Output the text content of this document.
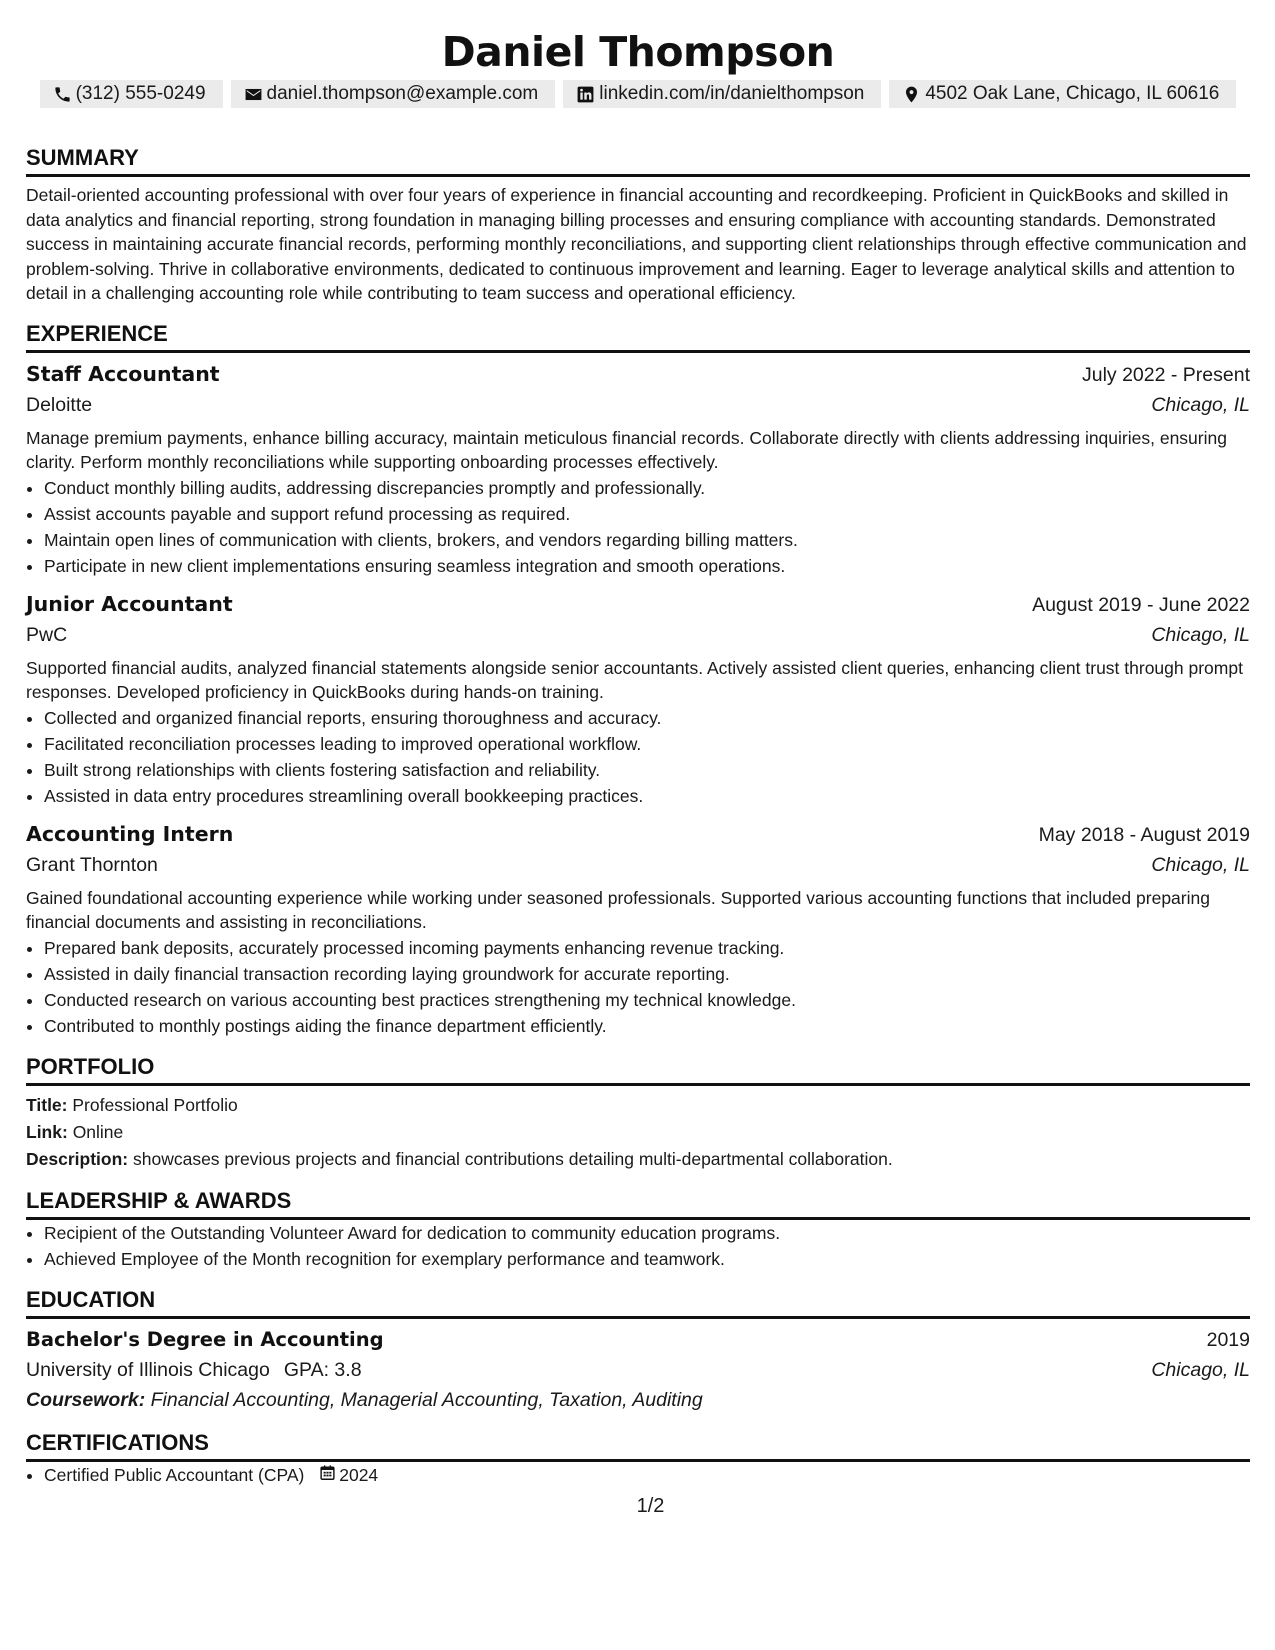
Daniel Thompson
(312) 555-0249	daniel.thompson@example.com	linkedin.com/in/danielthompson	4502 Oak Lane, Chicago, IL 60616
SUMMARY
Detail-oriented accounting professional with over four years of experience in financial accounting and recordkeeping. Proficient in QuickBooks and skilled in data analytics and financial reporting, strong foundation in managing billing processes and ensuring compliance with accounting standards. Demonstrated success in maintaining accurate financial records, performing monthly reconciliations, and supporting client relationships through effective communication and problem-solving. Thrive in collaborative environments, dedicated to continuous improvement and learning. Eager to leverage analytical skills and attention to detail in a challenging accounting role while contributing to team success and operational efficiency.
EXPERIENCE
Staff Accountant	July 2022 - Present
Deloitte	Chicago, IL
Manage premium payments, enhance billing accuracy, maintain meticulous financial records. Collaborate directly with clients addressing inquiries, ensuring clarity. Perform monthly reconciliations while supporting onboarding processes effectively.
• Conduct monthly billing audits, addressing discrepancies promptly and professionally.
• Assist accounts payable and support refund processing as required.
• Maintain open lines of communication with clients, brokers, and vendors regarding billing matters.
• Participate in new client implementations ensuring seamless integration and smooth operations.
Junior Accountant	August 2019 - June 2022
PwC	Chicago, IL
Supported financial audits, analyzed financial statements alongside senior accountants. Actively assisted client queries, enhancing client trust through prompt responses. Developed proficiency in QuickBooks during hands-on training.
• Collected and organized financial reports, ensuring thoroughness and accuracy.
• Facilitated reconciliation processes leading to improved operational workflow.
• Built strong relationships with clients fostering satisfaction and reliability.
• Assisted in data entry procedures streamlining overall bookkeeping practices.
Accounting Intern	May 2018 - August 2019
Grant Thornton	Chicago, IL
Gained foundational accounting experience while working under seasoned professionals. Supported various accounting functions that included preparing financial documents and assisting in reconciliations.
• Prepared bank deposits, accurately processed incoming payments enhancing revenue tracking.
• Assisted in daily financial transaction recording laying groundwork for accurate reporting.
• Conducted research on various accounting best practices strengthening my technical knowledge.
• Contributed to monthly postings aiding the finance department efficiently.
PORTFOLIO
Title: Professional Portfolio
Link: Online
Description: showcases previous projects and financial contributions detailing multi-departmental collaboration.
LEADERSHIP & AWARDS
• Recipient of the Outstanding Volunteer Award for dedication to community education programs.
• Achieved Employee of the Month recognition for exemplary performance and teamwork.
EDUCATION
Bachelor's Degree in Accounting	2019
University of Illinois Chicago GPA: 3.8	Chicago, IL
Coursework: Financial Accounting, Managerial Accounting, Taxation, Auditing
CERTIFICATIONS
• Certified Public Accountant (CPA) 2024
1/2
